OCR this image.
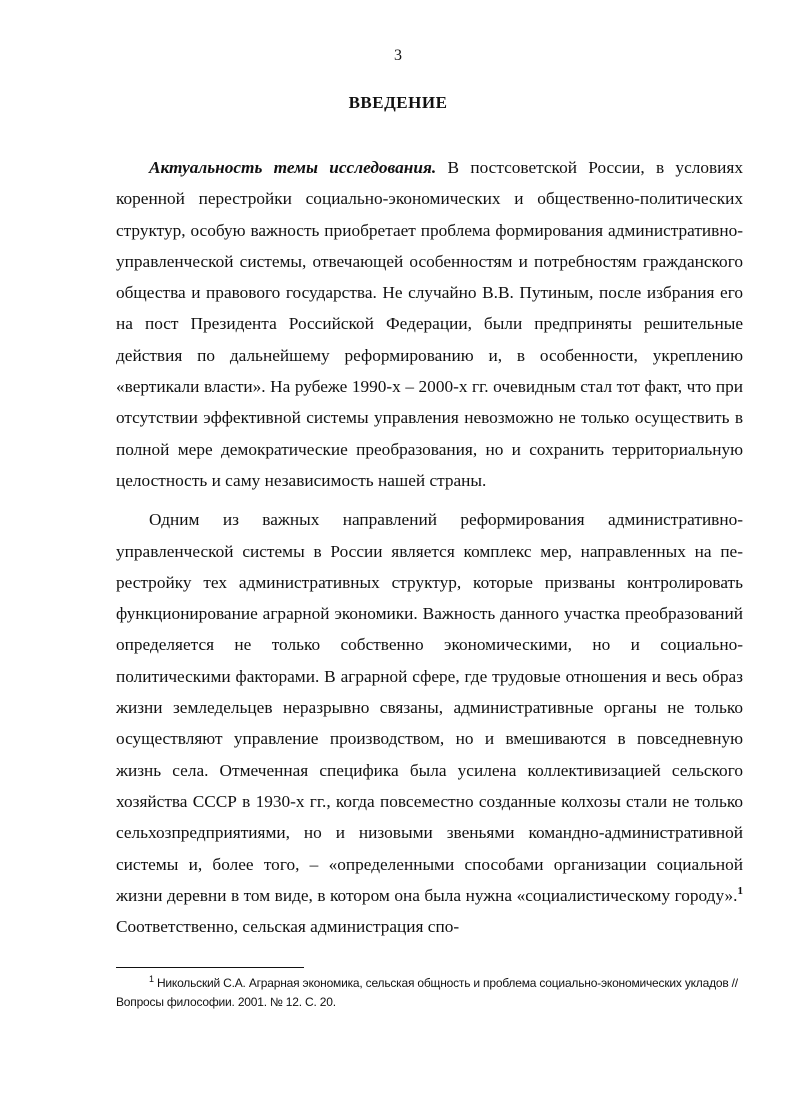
3
ВВЕДЕНИЕ

Актуальность темы исследования. В постсоветской России, в условиях коренной перестройки социально-экономических и общественно-политических структур, особую важность приобретает проблема формирования административно-управленческой системы, отвечающей особенностям и потребностям гражданского общества и правового государства. Не случайно В.В. Путиным, после избрания его на пост Президента Российской Федерации, были предприняты решительные действия по дальнейшему реформированию и, в особенности, укреплению «вертикали власти». На рубеже 1990-х – 2000-х гг. очевидным стал тот факт, что при отсутствии эффективной системы управления невозможно не только осуществить в полной мере демократические преобразования, но и сохранить территориальную целостность и саму независимость нашей страны.

Одним из важных направлений реформирования административно-управленческой системы в России является комплекс мер, направленных на перестройку тех административных структур, которые призваны контролировать функционирование аграрной экономики. Важность данного участка преобразований определяется не только собственно экономическими, но и социально-политическими факторами. В аграрной сфере, где трудовые отношения и весь образ жизни земледельцев неразрывно связаны, административные органы не только осуществляют управление производством, но и вмешиваются в повседневную жизнь села. Отмеченная специфика была усилена коллективизацией сельского хозяйства СССР в 1930-х гг., когда повсеместно созданные колхозы стали не только сельхозпредприятиями, но и низовыми звеньями командно-административной системы и, более того, – «определенными способами организации социальной жизни деревни в том виде, в котором она была нужна «социалистическому городу».$^1$ Соответственно, сельская администрация спо-

$^1$ Никольский С.А. Аграрная экономика, сельская общность и проблема социально-экономических укладов // Вопросы философии. 2001. № 12. С. 20.
